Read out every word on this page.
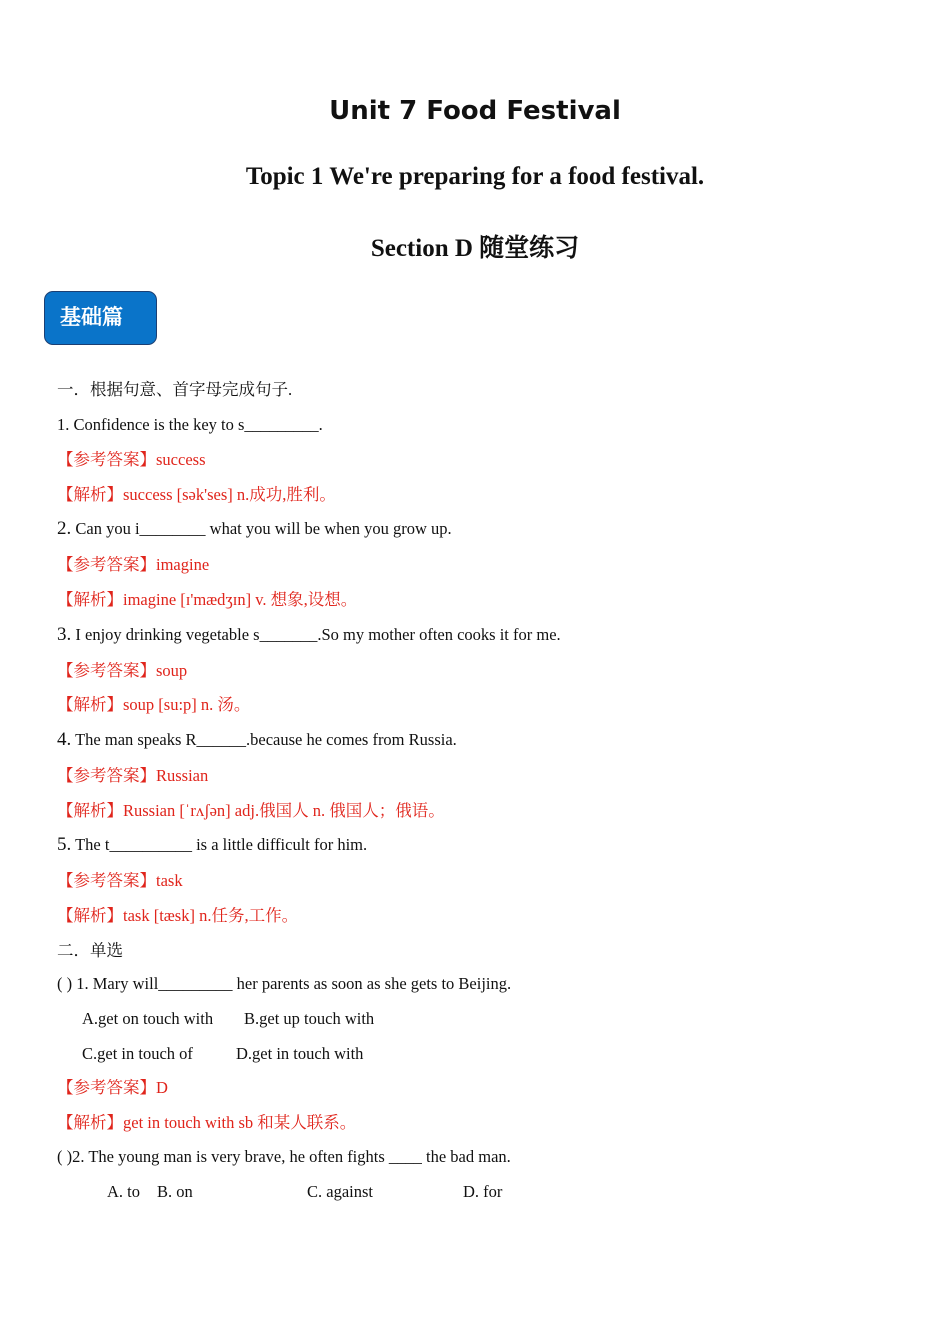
Unit 7 Food Festival
Topic 1 We're preparing for a food festival.
Section D 随堂练习
基础篇
一．根据句意、首字母完成句子.
1. Confidence is the key to s_________.
【参考答案】success
【解析】success [sək'ses] n.成功,胜利。
2. Can you i________ what you will be when you grow up.
【参考答案】imagine
【解析】imagine [ɪ'mædʒɪn] v. 想象,设想。
3. I enjoy drinking vegetable s_______.So my mother often cooks it for me.
【参考答案】soup
【解析】soup [su:p] n. 汤。
4. The man speaks R______.because he comes from Russia.
【参考答案】Russian
【解析】Russian [ˈrʌʃən] adj.俄国人 n. 俄国人；俄语。
5. The t__________ is a little difficult for him.
【参考答案】task
【解析】task [tæsk] n.任务,工作。
二．单选
( ) 1. Mary will_________ her parents as soon as she gets to Beijing.
A.get on touch with B.get up touch with
C.get in touch of	D.get in touch with
【参考答案】D
【解析】get in touch with sb 和某人联系。
( )2. The young man is very brave, he often fights ____ the bad man.
A. to B. on	C. against	D. for
